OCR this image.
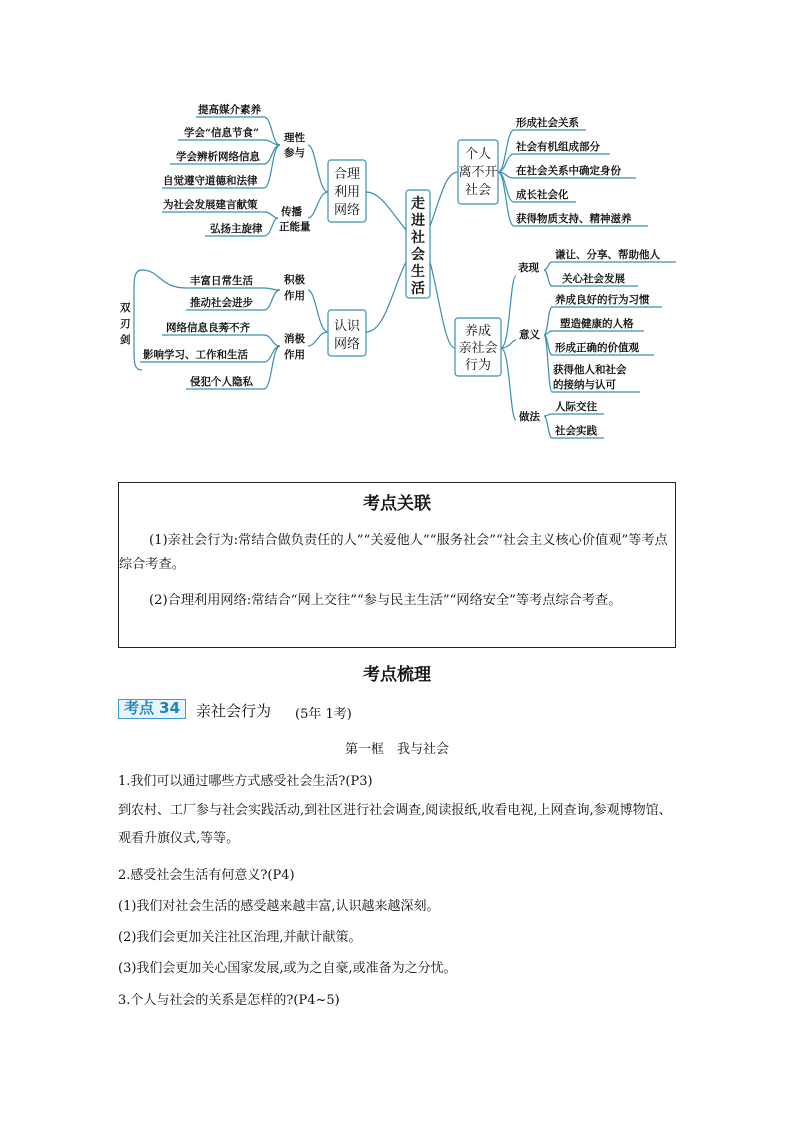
走
进
社
会
生
活
合理
利用
网络
认识
网络
个人
离不开
社会
养成
亲社会
行为
理性
参与
传播
正能量
积极
作用
消极
作用
表现
意义
做法
双
刃
剑
提高媒介素养
学会“信息节食”
学会辨析网络信息
自觉遵守道德和法律
为社会发展建言献策
弘扬主旋律
丰富日常生活
推动社会进步
网络信息良莠不齐
影响学习、工作和生活
侵犯个人隐私
形成社会关系
社会有机组成部分
在社会关系中确定身份
成长社会化
获得物质支持、精神滋养
谦让、分享、帮助他人
关心社会发展
养成良好的行为习惯
塑造健康的人格
形成正确的价值观
获得他人和社会
的接纳与认可
人际交往
社会实践
考点关联
(1)亲社会行为:常结合做负责任的人”“关爱他人”“服务社会”“社会主义核心价值观”等考点综合考查。
(2)合理利用网络:常结合“网上交往”“参与民主生活”“网络安全”等考点综合考查。
考点梳理
考点 34	亲社会行为 (5年 1考)
第一框　我与社会
1.我们可以通过哪些方式感受社会生活?(P3)
到农村、工厂参与社会实践活动,到社区进行社会调查,阅读报纸,收看电视,上网查询,参观博物馆、观看升旗仪式,等等。
2.感受社会生活有何意义?(P4)
(1)我们对社会生活的感受越来越丰富,认识越来越深刻。
(2)我们会更加关注社区治理,并献计献策。
(3)我们会更加关心国家发展,或为之自豪,或准备为之分忧。
3.个人与社会的关系是怎样的?(P4~5)
